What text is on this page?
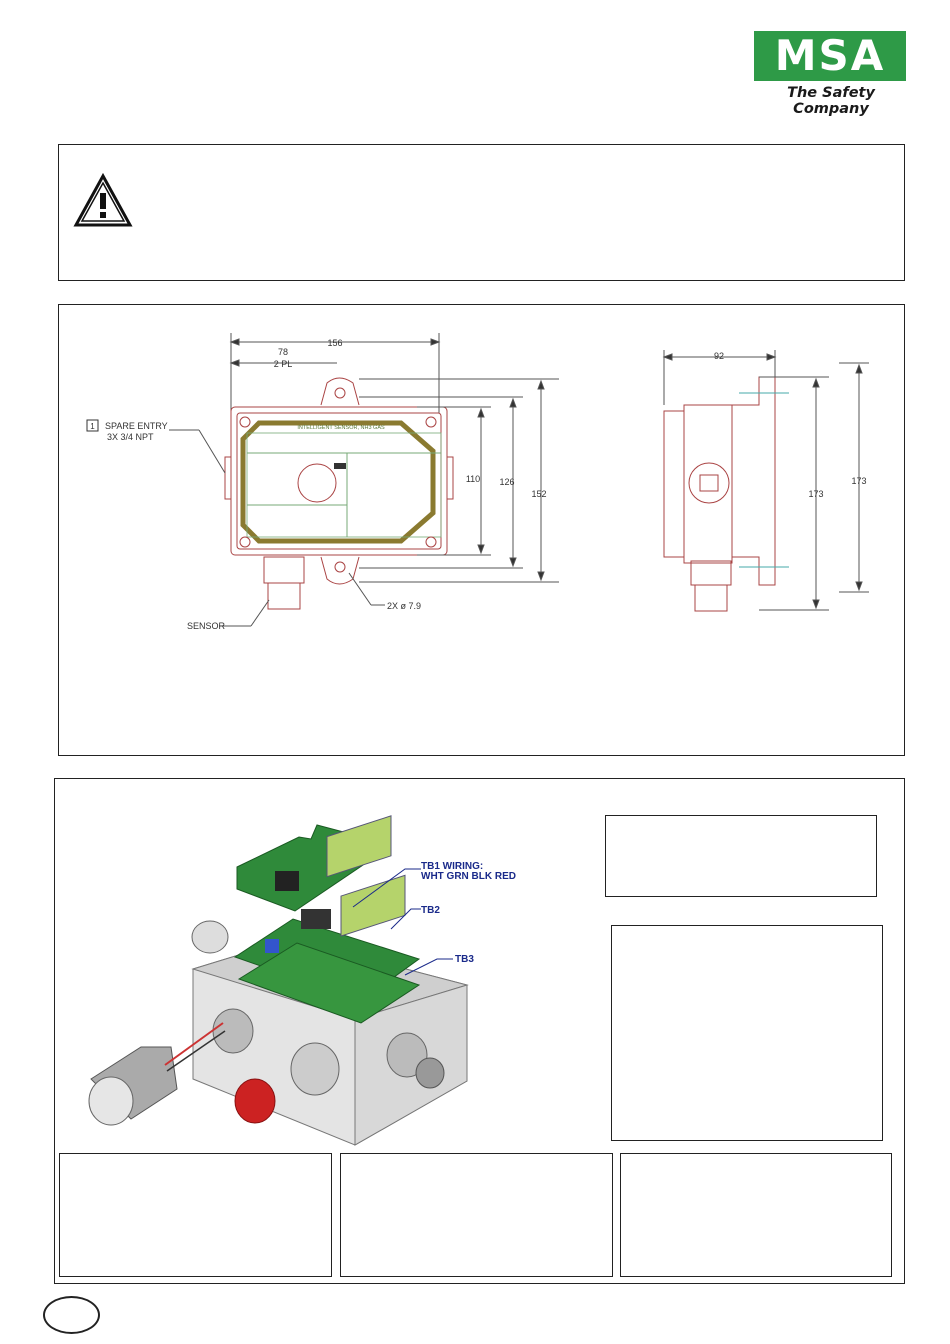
MSA
The Safety Company
156
78
2 PL
INTELLIGENT SENSOR, NH3 GAS
110 126
152
1 SPARE ENTRY
3X 3/4 NPT
2X ø 7.9
SENSOR
92
173
173
TB1 WIRING:
WHT GRN BLK RED
TB2
TB3
